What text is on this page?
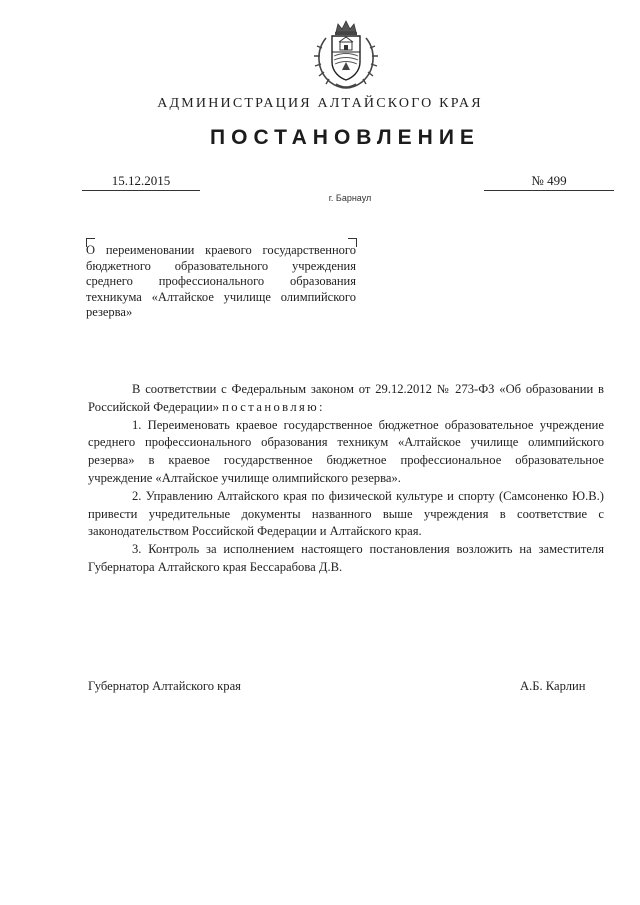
АДМИНИСТРАЦИЯ АЛТАЙСКОГО КРАЯ
ПОСТАНОВЛЕНИЕ
15.12.2015	№ 499
г. Барнаул
О переименовании краевого государственного бюджетного образовательного учреждения среднего профессионального образования техникума «Алтайское училище олимпийского резерва»

В соответствии с Федеральным законом от 29.12.2012 № 273-ФЗ «Об образовании в Российской Федерации» постановляю:

1. Переименовать краевое государственное бюджетное образовательное учреждение среднего профессионального образования техникум «Алтайское училище олимпийского резерва» в краевое государственное бюджетное профессиональное образовательное учреждение «Алтайское училище олимпийского резерва».

2. Управлению Алтайского края по физической культуре и спорту (Самсоненко Ю.В.) привести учредительные документы названного выше учреждения в соответствие с законодательством Российской Федерации и Алтайского края.

3. Контроль за исполнением настоящего постановления возложить на заместителя Губернатора Алтайского края Бессарабова Д.В.

Губернатор Алтайского края	А.Б. Карлин
